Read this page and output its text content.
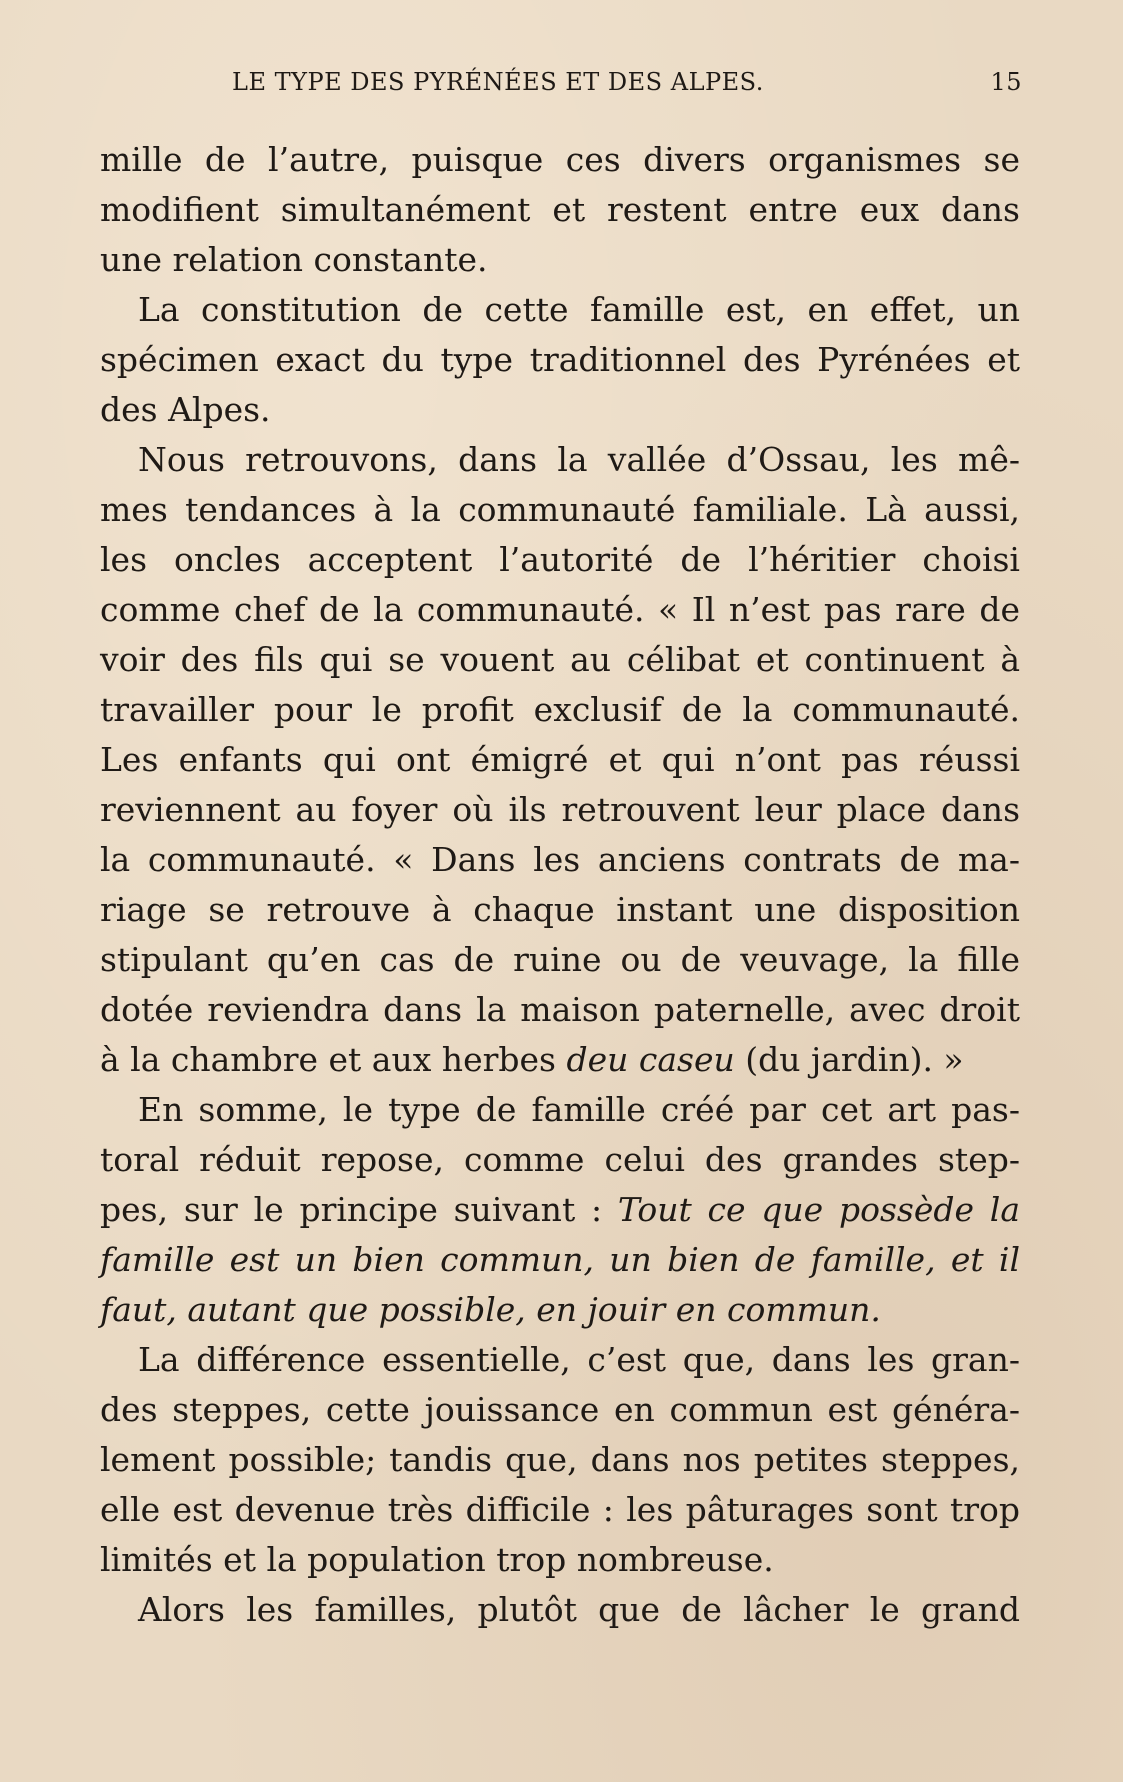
LE TYPE DES PYRÉNÉES ET DES ALPES.	15
mille de l’autre, puisque ces divers organismes se
modifient simultanément et restent entre eux dans
une relation constante.
La constitution de cette famille est, en effet, un
spécimen exact du type traditionnel des Pyrénées et
des Alpes.
Nous retrouvons, dans la vallée d’Ossau, les mê-
mes tendances à la communauté familiale. Là aussi,
les oncles acceptent l’autorité de l’héritier choisi
comme chef de la communauté. « Il n’est pas rare de
voir des fils qui se vouent au célibat et continuent à
travailler pour le profit exclusif de la communauté.
Les enfants qui ont émigré et qui n’ont pas réussi
reviennent au foyer où ils retrouvent leur place dans
la communauté. « Dans les anciens contrats de ma-
riage se retrouve à chaque instant une disposition
stipulant qu’en cas de ruine ou de veuvage, la fille
dotée reviendra dans la maison paternelle, avec droit
à la chambre et aux herbes deu caseu (du jardin). »
En somme, le type de famille créé par cet art pas-
toral réduit repose, comme celui des grandes step-
pes, sur le principe suivant : Tout ce que possède la
famille est un bien commun, un bien de famille, et il
faut, autant que possible, en jouir en commun.
La différence essentielle, c’est que, dans les gran-
des steppes, cette jouissance en commun est généra-
lement possible; tandis que, dans nos petites steppes,
elle est devenue très difficile : les pâturages sont trop
limités et la population trop nombreuse.
Alors les familles, plutôt que de lâcher le grand
